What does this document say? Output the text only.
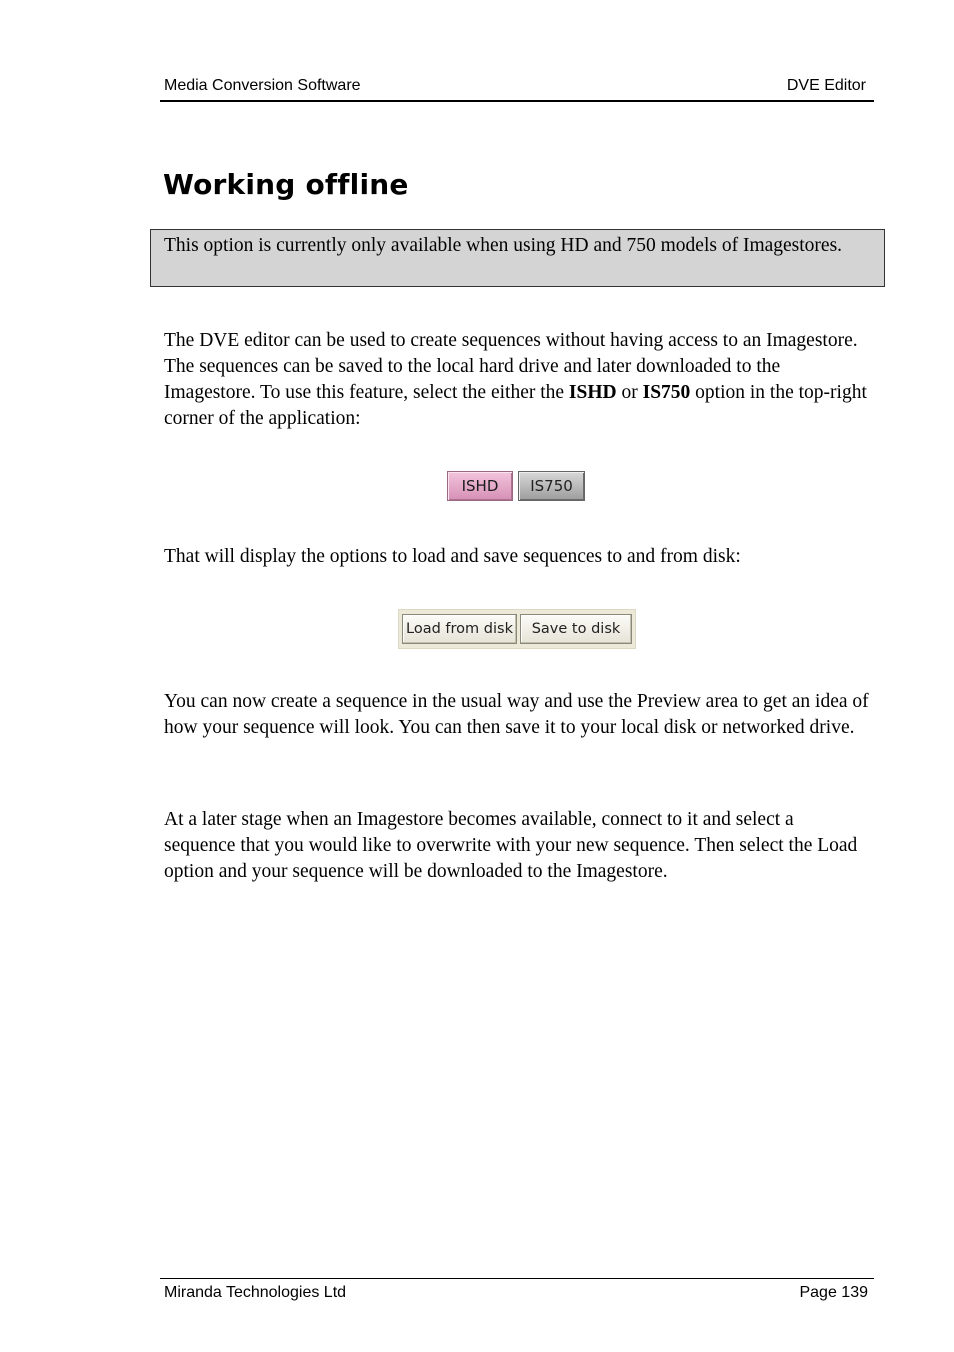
Media Conversion Software	DVE Editor
Working offline
This option is currently only available when using HD and 750 models of Imagestores.

The DVE editor can be used to create sequences without having access to an Imagestore. The sequences can be saved to the local hard drive and later downloaded to the Imagestore. To use this feature, select the either the ISHD or IS750 option in the top-right corner of the application:

ISHD	IS750

That will display the options to load and save sequences to and from disk:

Load from disk	Save to disk

You can now create a sequence in the usual way and use the Preview area to get an idea of how your sequence will look. You can then save it to your local disk or networked drive.

At a later stage when an Imagestore becomes available, connect to it and select a sequence that you would like to overwrite with your new sequence. Then select the Load option and your sequence will be downloaded to the Imagestore.

Miranda Technologies Ltd	Page 139
